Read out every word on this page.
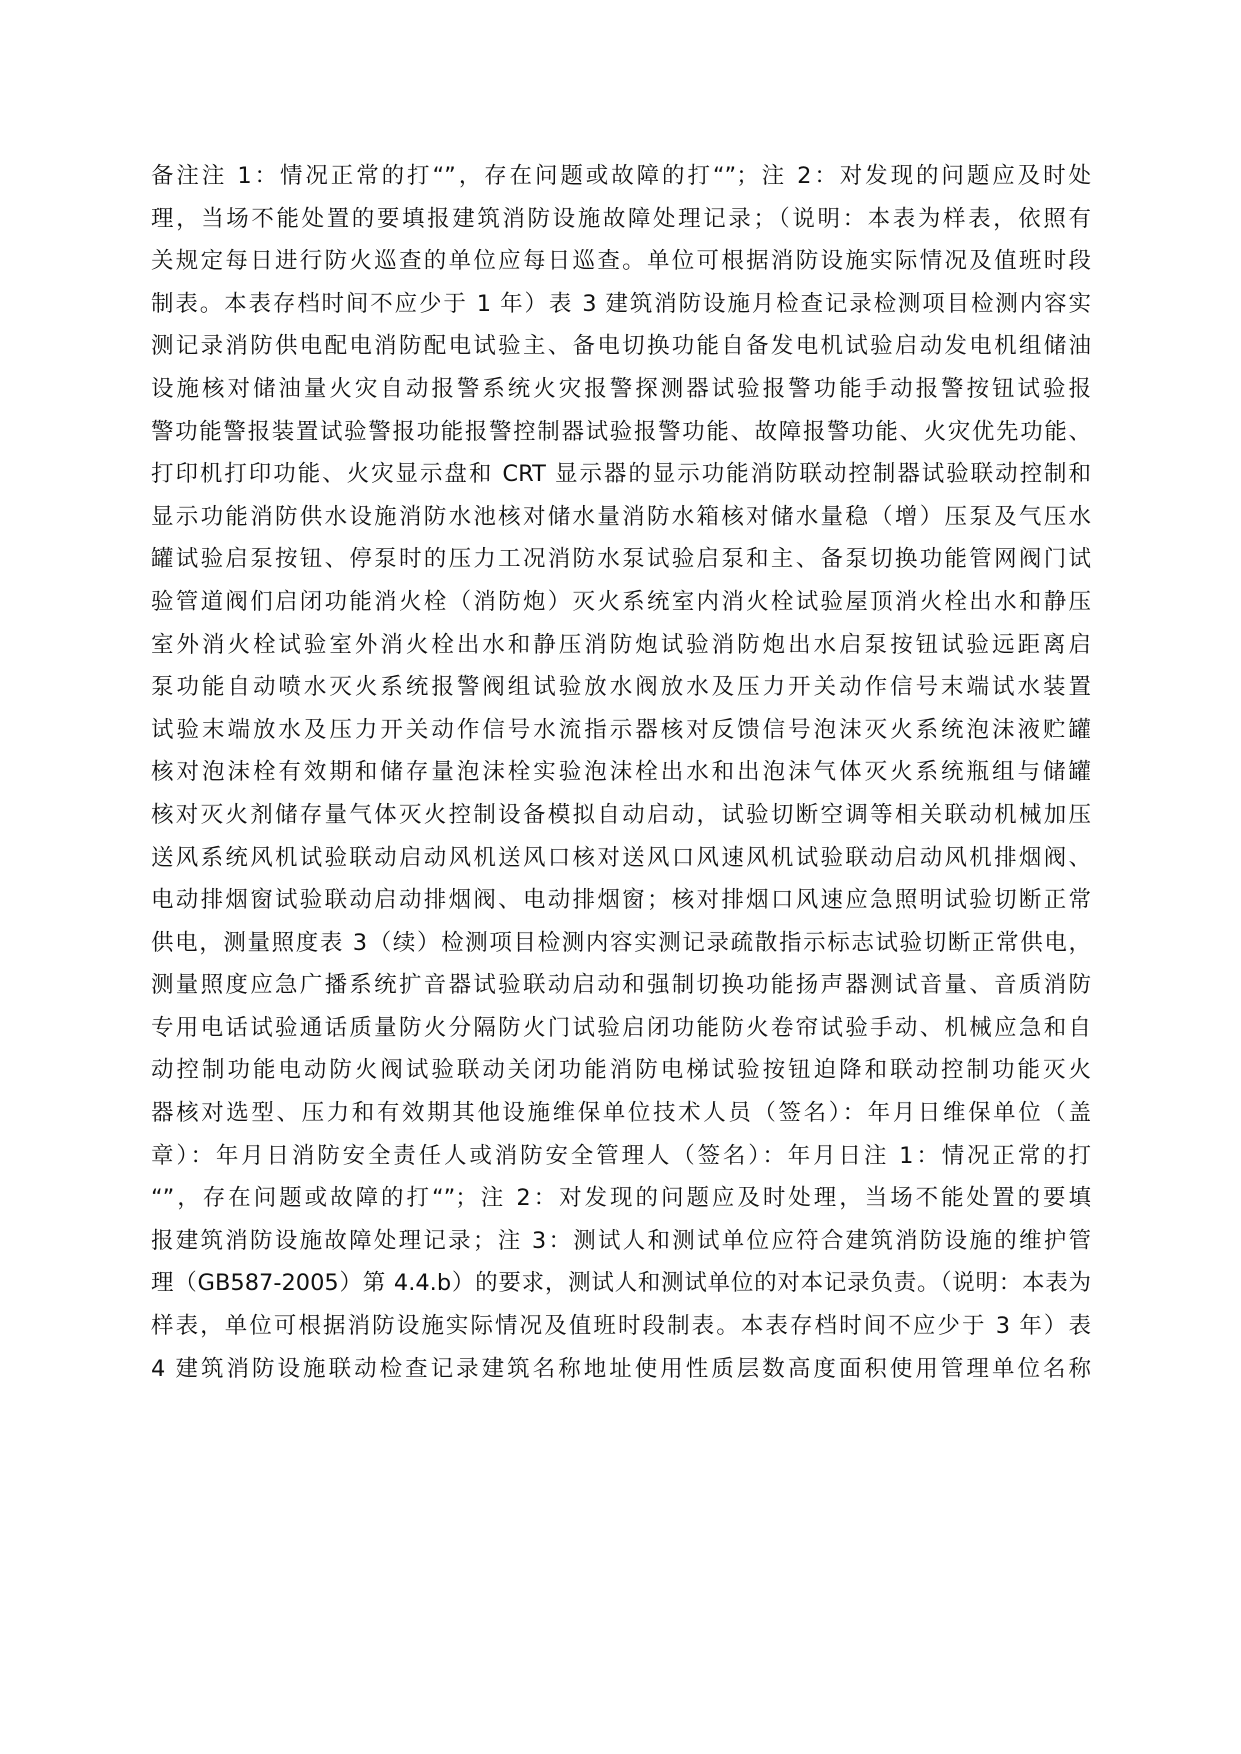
备注注 1：情况正常的打“”，存在问题或故障的打“”；注 2：对发现的问题应及时处
理，当场不能处置的要填报建筑消防设施故障处理记录；（说明：本表为样表，依照有
关规定每日进行防火巡查的单位应每日巡查。单位可根据消防设施实际情况及值班时段
制表。本表存档时间不应少于 1 年）表 3 建筑消防设施月检查记录检测项目检测内容实
测记录消防供电配电消防配电试验主、备电切换功能自备发电机试验启动发电机组储油
设施核对储油量火灾自动报警系统火灾报警探测器试验报警功能手动报警按钮试验报
警功能警报装置试验警报功能报警控制器试验报警功能、故障报警功能、火灾优先功能、
打印机打印功能、火灾显示盘和 CRT 显示器的显示功能消防联动控制器试验联动控制和
显示功能消防供水设施消防水池核对储水量消防水箱核对储水量稳（增）压泵及气压水
罐试验启泵按钮、停泵时的压力工况消防水泵试验启泵和主、备泵切换功能管网阀门试
验管道阀们启闭功能消火栓（消防炮）灭火系统室内消火栓试验屋顶消火栓出水和静压
室外消火栓试验室外消火栓出水和静压消防炮试验消防炮出水启泵按钮试验远距离启
泵功能自动喷水灭火系统报警阀组试验放水阀放水及压力开关动作信号末端试水装置
试验末端放水及压力开关动作信号水流指示器核对反馈信号泡沫灭火系统泡沫液贮罐
核对泡沫栓有效期和储存量泡沫栓实验泡沫栓出水和出泡沫气体灭火系统瓶组与储罐
核对灭火剂储存量气体灭火控制设备模拟自动启动，试验切断空调等相关联动机械加压
送风系统风机试验联动启动风机送风口核对送风口风速风机试验联动启动风机排烟阀、
电动排烟窗试验联动启动排烟阀、电动排烟窗；核对排烟口风速应急照明试验切断正常
供电，测量照度表 3（续）检测项目检测内容实测记录疏散指示标志试验切断正常供电，
测量照度应急广播系统扩音器试验联动启动和强制切换功能扬声器测试音量、音质消防
专用电话试验通话质量防火分隔防火门试验启闭功能防火卷帘试验手动、机械应急和自
动控制功能电动防火阀试验联动关闭功能消防电梯试验按钮迫降和联动控制功能灭火
器核对选型、压力和有效期其他设施维保单位技术人员（签名）：年月日维保单位（盖
章）：年月日消防安全责任人或消防安全管理人（签名）：年月日注 1：情况正常的打
“”，存在问题或故障的打“”；注 2：对发现的问题应及时处理，当场不能处置的要填
报建筑消防设施故障处理记录；注 3：测试人和测试单位应符合建筑消防设施的维护管
理（GB587-2005）第 4.4.b）的要求，测试人和测试单位的对本记录负责。（说明：本表为
样表，单位可根据消防设施实际情况及值班时段制表。本表存档时间不应少于 3 年）表
4 建筑消防设施联动检查记录建筑名称地址使用性质层数高度面积使用管理单位名称
